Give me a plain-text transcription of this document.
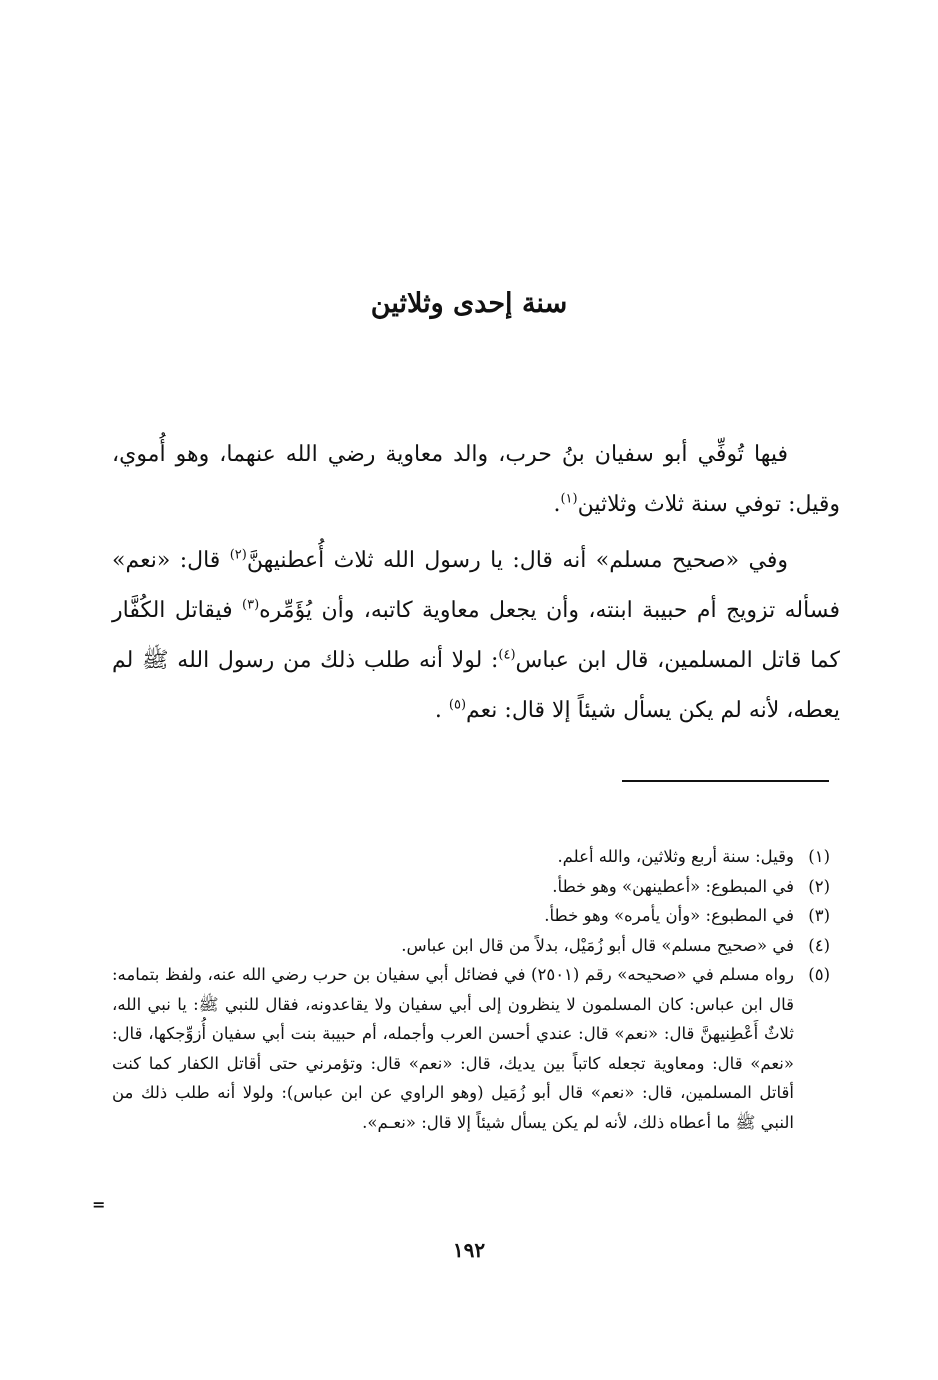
سنة إحدى وثلاثين

فيها تُوفِّي أبو سفيان بنُ حرب، والد معاوية رضي الله عنهما، وهو أُموي، وقيل: توفي سنة ثلاث وثلاثين$^{(١)}$.

وفي «صحيح مسلم» أنه قال: يا رسول الله ثلاث أُعطنيهنَّ$^{(٢)}$ قال: «نعم» فسأله تزويج أم حبيبة ابنته، وأن يجعل معاوية كاتبه، وأن يُؤَمِّره$^{(٣)}$ فيقاتل الكُفَّار كما قاتل المسلمين، قال ابن عباس$^{(٤)}$: لولا أنه طلب ذلك من رسول الله ﷺ لم يعطه، لأنه لم يكن يسأل شيئاً إلا قال: نعم$^{(٥)}$ .

(١)
وقيل: سنة أربع وثلاثين، والله أعلم.
(٢)
في المبطوع: «أعطينهن» وهو خطأ.
(٣)
في المطبوع: «وأن يأمره» وهو خطأ.
(٤)
في «صحيح مسلم» قال أبو زُمَيْل، بدلاً من قال ابن عباس.
(٥)
رواه مسلم في «صحيحه» رقم (٢٥٠١) في فضائل أبي سفيان بن حرب رضي الله عنه، ولفظ بتمامه: قال ابن عباس: كان المسلمون لا ينظرون إلى أبي سفيان ولا يقاعدونه، فقال للنبي ﷺ: يا نبي الله، ثلاثٌ أَعْطِنيهنَّ قال: «نعم» قال: عندي أحسن العرب وأجمله، أم حبيبة بنت أبي سفيان أُزوِّجكها، قال: «نعم» قال: ومعاوية تجعله كاتباً بين يديك، قال: «نعم» قال: وتؤمرني حتى أقاتل الكفار كما كنت أقاتل المسلمين، قال: «نعم» قال أبو زُمَيل (وهو الراوي عن ابن عباس): ولولا أنه طلب ذلك من النبي ﷺ ما أعطاه ذلك، لأنه لم يكن يسأل شيئاً إلا قال: «نعـم».
=
١٩٢
